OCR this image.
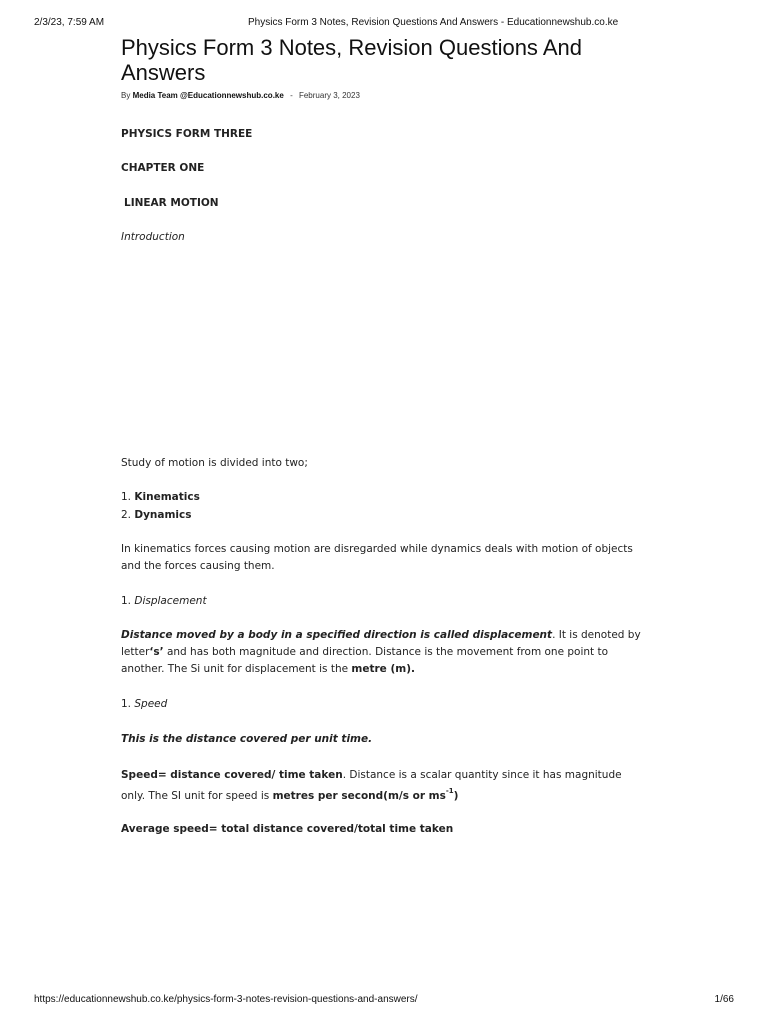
2/3/23, 7:59 AM	Physics Form 3 Notes, Revision Questions And Answers - Educationnewshub.co.ke
Physics Form 3 Notes, Revision Questions And Answers
By Media Team @Educationnewshub.co.ke - February 3, 2023
PHYSICS FORM THREE
CHAPTER ONE
LINEAR MOTION
Introduction
Study of motion is divided into two;
1. Kinematics
2. Dynamics
In kinematics forces causing motion are disregarded while dynamics deals with motion of objects
and the forces causing them.
1. Displacement
Distance moved by a body in a specified direction is called displacement. It is denoted by
letter‘s’ and has both magnitude and direction. Distance is the movement from one point to
another. The Si unit for displacement is the metre (m).
1. Speed
This is the distance covered per unit time.
Speed= distance covered/ time taken. Distance is a scalar quantity since it has magnitude
only. The SI unit for speed is metres per second(m/s or $ms^{-1}$)
Average speed= total distance covered/total time taken
https://educationnewshub.co.ke/physics-form-3-notes-revision-questions-and-answers/	1/66
